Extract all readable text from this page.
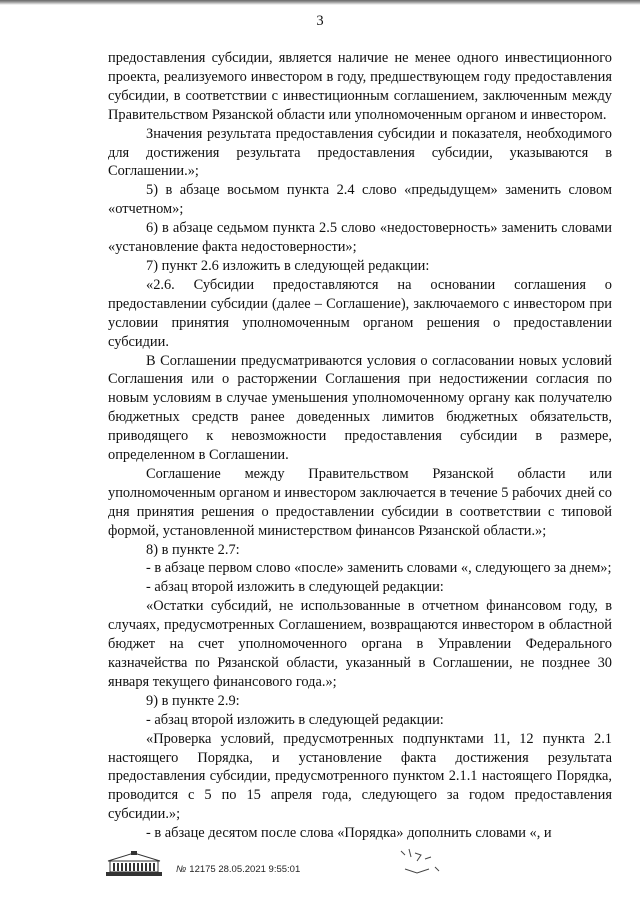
3

предоставления субсидии, является наличие не менее одного инвестиционного проекта, реализуемого инвестором в году, предшествующем году предоставления субсидии, в соответствии с инвестиционным соглашением, заключенным между Правительством Рязанской области или уполномоченным органом и инвестором.

Значения результата предоставления субсидии и показателя, необходимого для достижения результата предоставления субсидии, указываются в Соглашении.»;

5) в абзаце восьмом пункта 2.4 слово «предыдущем» заменить словом «отчетном»;

6) в абзаце седьмом пункта 2.5 слово «недостоверность» заменить словами «установление факта недостоверности»;

7) пункт 2.6 изложить в следующей редакции:

«2.6. Субсидии предоставляются на основании соглашения о предоставлении субсидии (далее – Соглашение), заключаемого с инвестором при условии принятия уполномоченным органом решения о предоставлении субсидии.

В Соглашении предусматриваются условия о согласовании новых условий Соглашения или о расторжении Соглашения при недостижении согласия по новым условиям в случае уменьшения уполномоченному органу как получателю бюджетных средств ранее доведенных лимитов бюджетных обязательств, приводящего к невозможности предоставления субсидии в размере, определенном в Соглашении.

Соглашение между Правительством Рязанской области или уполномоченным органом и инвестором заключается в течение 5 рабочих дней со дня принятия решения о предоставлении субсидии в соответствии с типовой формой, установленной министерством финансов Рязанской области.»;

8) в пункте 2.7:

- в абзаце первом слово «после» заменить словами «, следующего за днем»;

- абзац второй изложить в следующей редакции:

«Остатки субсидий, не использованные в отчетном финансовом году, в случаях, предусмотренных Соглашением, возвращаются инвестором в областной бюджет на счет уполномоченного органа в Управлении Федерального казначейства по Рязанской области, указанный в Соглашении, не позднее 30 января текущего финансового года.»;

9) в пункте 2.9:

- абзац второй изложить в следующей редакции:

«Проверка условий, предусмотренных подпунктами 11, 12 пункта 2.1 настоящего Порядка, и установление факта достижения результата предоставления субсидии, предусмотренного пунктом 2.1.1 настоящего Порядка, проводится с 5 по 15 апреля года, следующего за годом предоставления субсидии.»;

- в абзаце десятом после слова «Порядка» дополнить словами «, и

№ 12175 28.05.2021 9:55:01
